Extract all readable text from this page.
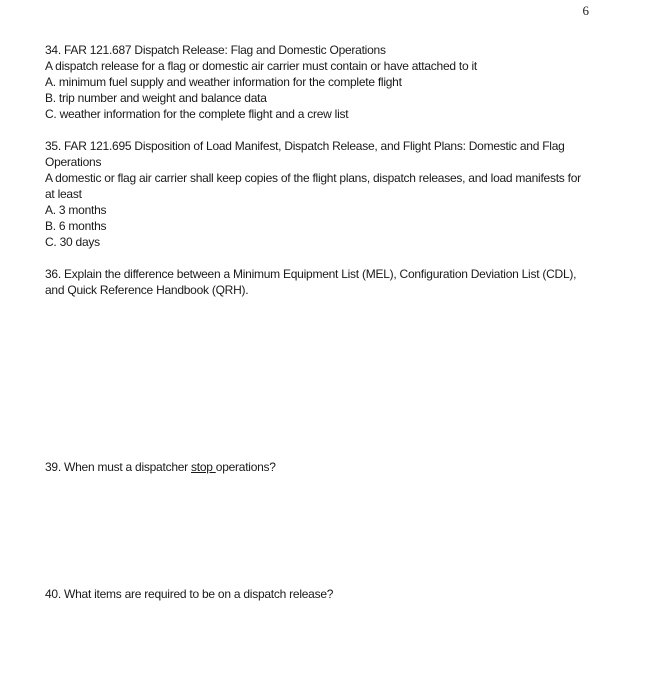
6
34. FAR 121.687 Dispatch Release: Flag and Domestic Operations
A dispatch release for a flag or domestic air carrier must contain or have attached to it
A. minimum fuel supply and weather information for the complete flight
B. trip number and weight and balance data
C. weather information for the complete flight and a crew list
35. FAR 121.695 Disposition of Load Manifest, Dispatch Release, and Flight Plans: Domestic and Flag Operations
A domestic or flag air carrier shall keep copies of the flight plans, dispatch releases, and load manifests for at least
A. 3 months
B. 6 months
C. 30 days
36. Explain the difference between a Minimum Equipment List (MEL), Configuration Deviation List (CDL), and Quick Reference Handbook (QRH).
39. When must a dispatcher stop operations?
40. What items are required to be on a dispatch release?
